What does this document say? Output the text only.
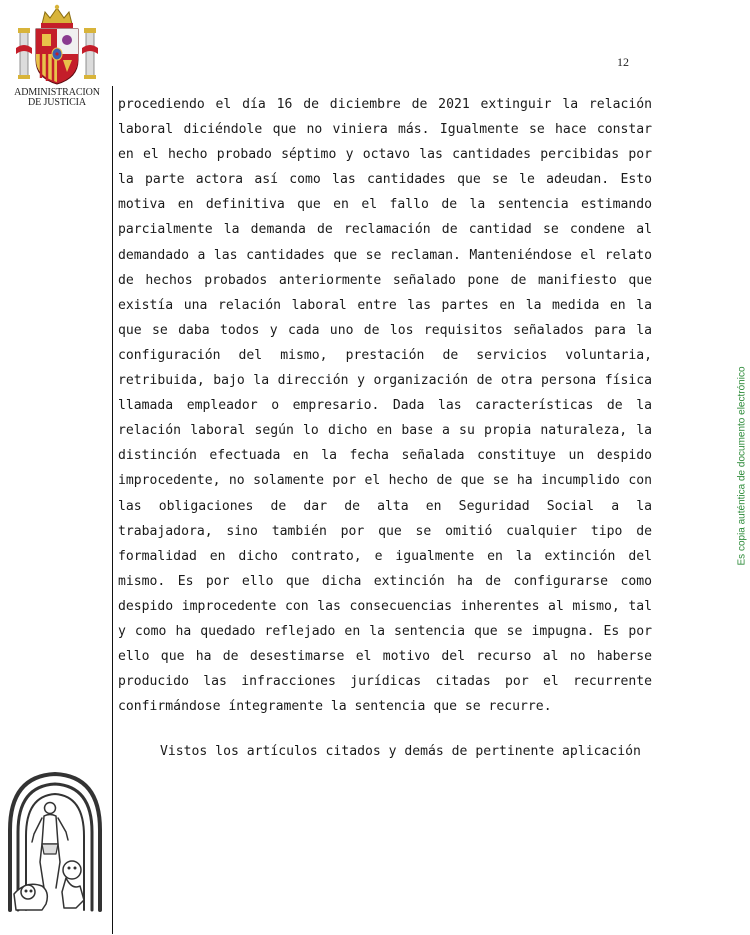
ADMINISTRACION
DE JUSTICIA
12
Es copia auténtica de documento electrónico

procediendo el día 16 de diciembre de 2021 extinguir la relación laboral diciéndole que no viniera más. Igualmente se hace constar en el hecho probado séptimo y octavo las cantidades percibidas por la parte actora así como las cantidades que se le adeudan. Esto motiva en definitiva que en el fallo de la sentencia estimando parcialmente la demanda de reclamación de cantidad se condene al demandado a las cantidades que se reclaman. Manteniéndose el relato de hechos probados anteriormente señalado pone de manifiesto que existía una relación laboral entre las partes en la medida en la que se daba todos y cada uno de los requisitos señalados para la configuración del mismo, prestación de servicios voluntaria, retribuida, bajo la dirección y organización de otra persona física llamada empleador o empresario. Dada las características de la relación laboral según lo dicho en base a su propia naturaleza, la distinción efectuada en la fecha señalada constituye un despido improcedente, no solamente por el hecho de que se ha incumplido con las obligaciones de dar de alta en Seguridad Social a la trabajadora, sino también por que se omitió cualquier tipo de formalidad en dicho contrato, e igualmente en la extinción del mismo. Es por ello que dicha extinción ha de configurarse como despido improcedente con las consecuencias inherentes al mismo, tal y como ha quedado reflejado en la sentencia que se impugna. Es por ello que ha de desestimarse el motivo del recurso al no haberse producido las infracciones jurídicas citadas por el recurrente confirmándose íntegramente la sentencia que se recurre.

Vistos los artículos citados y demás de pertinente aplicación
